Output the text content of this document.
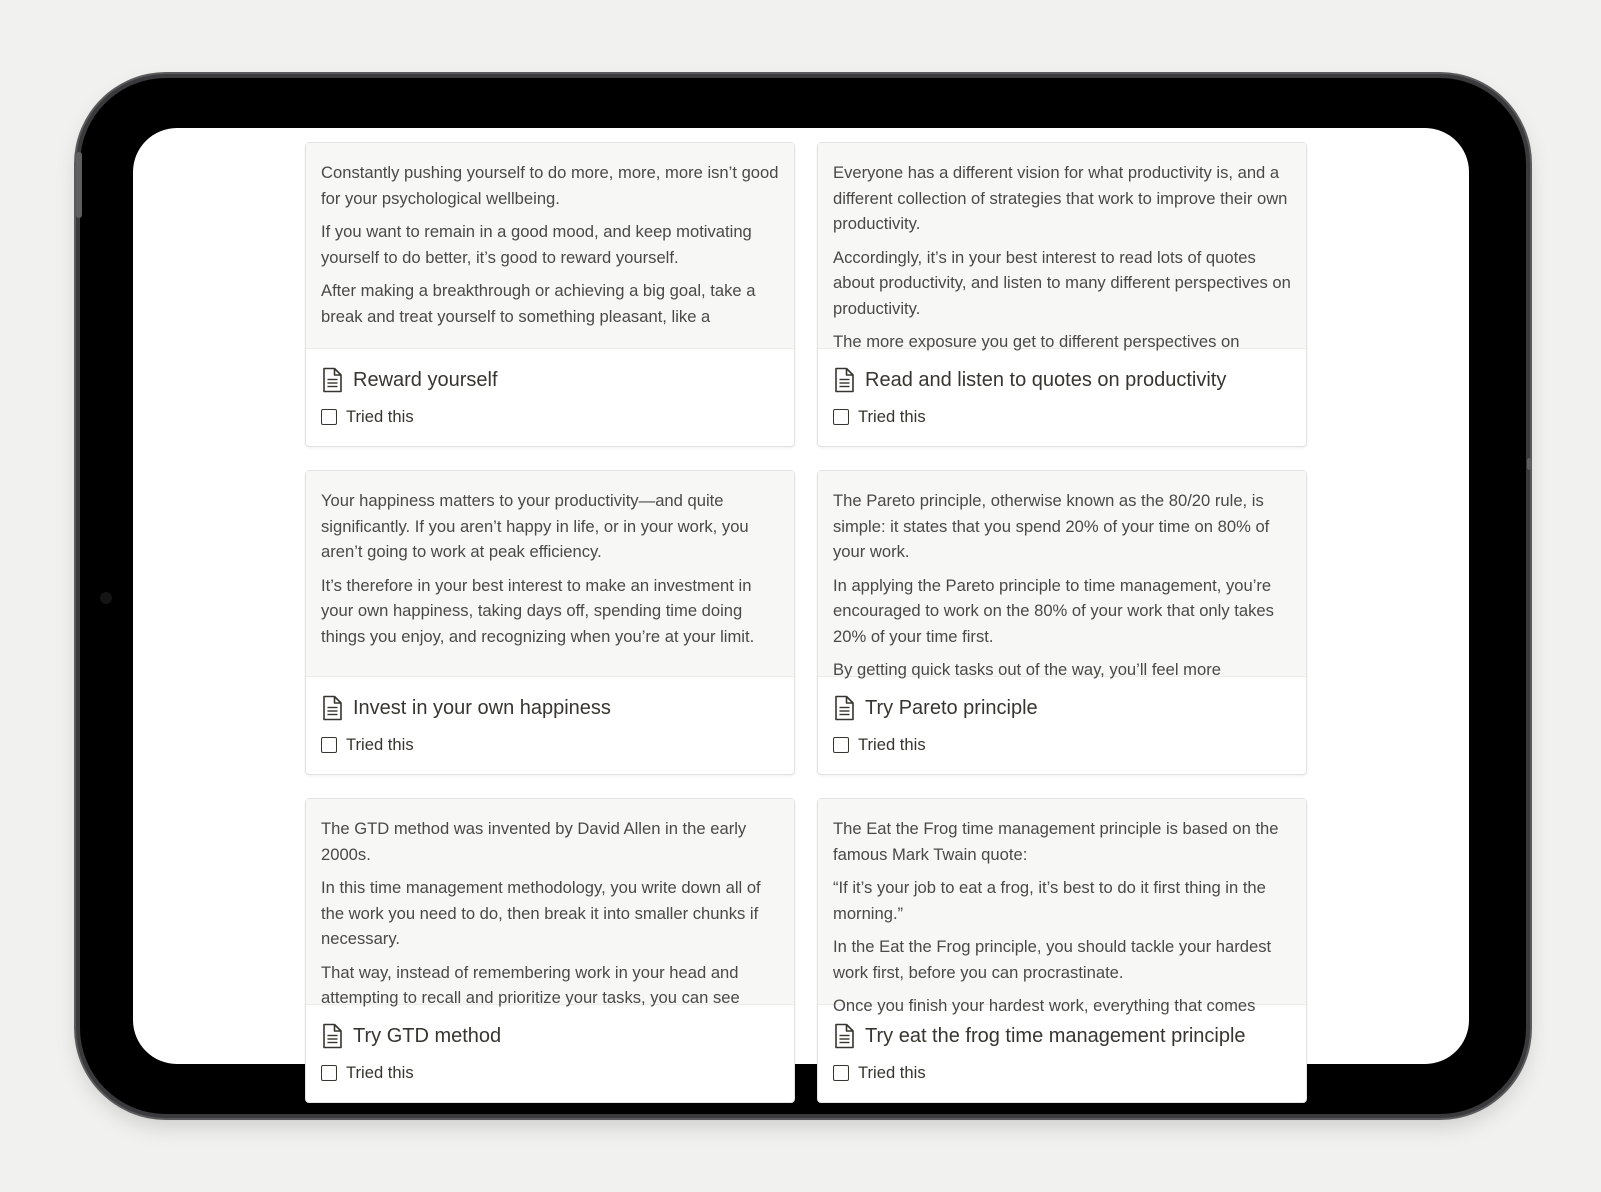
Constantly pushing yourself to do more, more, more isn’t good for your psychological wellbeing.

If you want to remain in a good mood, and keep motivating yourself to do better, it’s good to reward yourself.

After making a breakthrough or achieving a big goal, take a break and treat yourself to something pleasant, like a

Reward yourself
Tried this

Everyone has a different vision for what productivity is, and a different collection of strategies that work to improve their own productivity.

Accordingly, it’s in your best interest to read lots of quotes about productivity, and listen to many different perspectives on productivity.

The more exposure you get to different perspectives on

Read and listen to quotes on productivity
Tried this

Your happiness matters to your productivity—and quite significantly. If you aren’t happy in life, or in your work, you aren’t going to work at peak efficiency.

It’s therefore in your best interest to make an investment in your own happiness, taking days off, spending time doing things you enjoy, and recognizing when you’re at your limit.

Invest in your own happiness
Tried this

The Pareto principle, otherwise known as the 80/20 rule, is simple: it states that you spend 20% of your time on 80% of your work.

In applying the Pareto principle to time management, you’re encouraged to work on the 80% of your work that only takes 20% of your time first.

By getting quick tasks out of the way, you’ll feel more

Try Pareto principle
Tried this

The GTD method was invented by David Allen in the early 2000s.

In this time management methodology, you write down all of the work you need to do, then break it into smaller chunks if necessary.

That way, instead of remembering work in your head and attempting to recall and prioritize your tasks, you can see

Try GTD method
Tried this

The Eat the Frog time management principle is based on the famous Mark Twain quote:

“If it’s your job to eat a frog, it’s best to do it first thing in the morning.”

In the Eat the Frog principle, you should tackle your hardest work first, before you can procrastinate.

Once you finish your hardest work, everything that comes

Try eat the frog time management principle
Tried this
